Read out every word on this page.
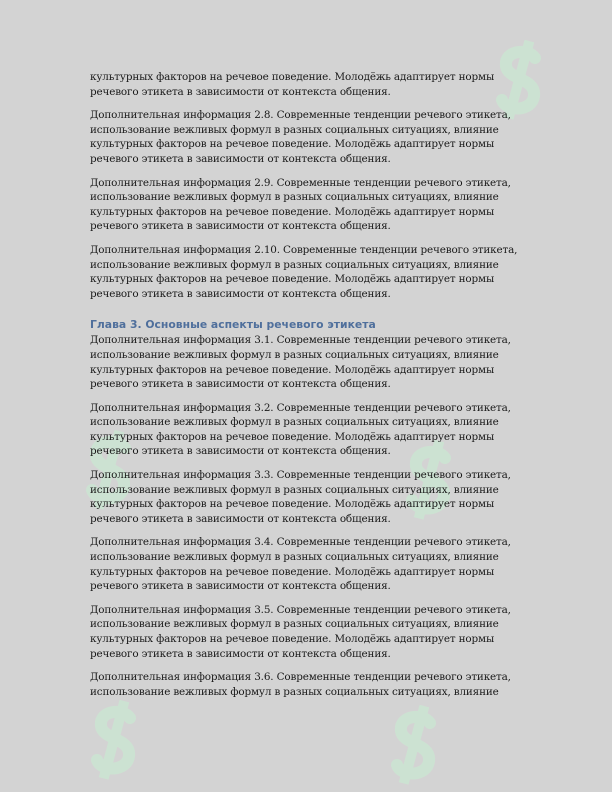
культурных факторов на речевое поведение. Молодёжь адаптирует нормы речевого этикета в зависимости от контекста общения.

Дополнительная информация 2.8. Современные тенденции речевого этикета, использование вежливых формул в разных социальных ситуациях, влияние культурных факторов на речевое поведение. Молодёжь адаптирует нормы речевого этикета в зависимости от контекста общения.

Дополнительная информация 2.9. Современные тенденции речевого этикета, использование вежливых формул в разных социальных ситуациях, влияние культурных факторов на речевое поведение. Молодёжь адаптирует нормы речевого этикета в зависимости от контекста общения.

Дополнительная информация 2.10. Современные тенденции речевого этикета, использование вежливых формул в разных социальных ситуациях, влияние культурных факторов на речевое поведение. Молодёжь адаптирует нормы речевого этикета в зависимости от контекста общения.

Глава 3. Основные аспекты речевого этикета

Дополнительная информация 3.1. Современные тенденции речевого этикета, использование вежливых формул в разных социальных ситуациях, влияние культурных факторов на речевое поведение. Молодёжь адаптирует нормы речевого этикета в зависимости от контекста общения.

Дополнительная информация 3.2. Современные тенденции речевого этикета, использование вежливых формул в разных социальных ситуациях, влияние культурных факторов на речевое поведение. Молодёжь адаптирует нормы речевого этикета в зависимости от контекста общения.

Дополнительная информация 3.3. Современные тенденции речевого этикета, использование вежливых формул в разных социальных ситуациях, влияние культурных факторов на речевое поведение. Молодёжь адаптирует нормы речевого этикета в зависимости от контекста общения.

Дополнительная информация 3.4. Современные тенденции речевого этикета, использование вежливых формул в разных социальных ситуациях, влияние культурных факторов на речевое поведение. Молодёжь адаптирует нормы речевого этикета в зависимости от контекста общения.

Дополнительная информация 3.5. Современные тенденции речевого этикета, использование вежливых формул в разных социальных ситуациях, влияние культурных факторов на речевое поведение. Молодёжь адаптирует нормы речевого этикета в зависимости от контекста общения.

Дополнительная информация 3.6. Современные тенденции речевого этикета, использование вежливых формул в разных социальных ситуациях, влияние
